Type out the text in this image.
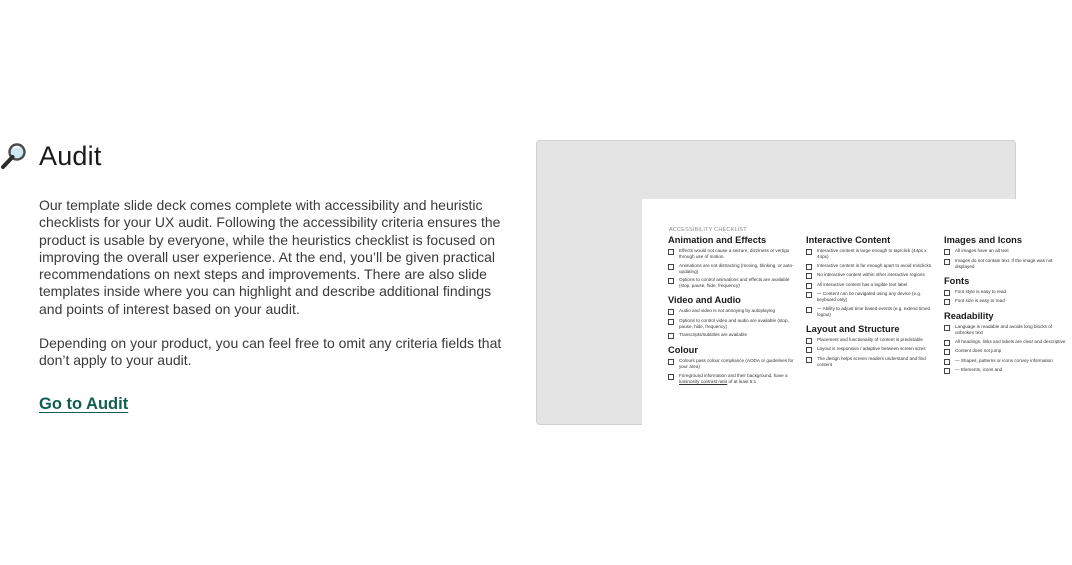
Audit

Our template slide deck comes complete with accessibility and heuristic checklists for your UX audit. Following the accessibility criteria ensures the product is usable by everyone, while the heuristics checklist is focused on improving the overall user experience. At the end, you’ll be given practical recommendations on next steps and improvements. There are also slide templates inside where you can highlight and describe additional findings and points of interest based on your audit.

Depending on your product, you can feel free to omit any criteria fields that don’t apply to your audit.

Go to Audit
ACCESSIBILITY CHECKLIST
Animation and Effects
Effects would not cause a seizure, dizziness or vertigo through use of motion.
Animations are not distracting (moving, blinking, or auto-updating)
Options to control animations and effects are available (stop, pause, hide, frequency)
Video and Audio
Audio and video is not annoying by autoplaying
Options to control video and audio are available (stop, pause, hide, frequency)
Transcripts/subtitles are available
Colour
Colours pass colour compliance (AODA or guidelines for your area)
Foreground information and their background, have a luminosity contrast ratio of at least 5:1
Interactive Content
Interactive content is large enough to tap/click (44px x 44px)
Interactive content is far enough apart to avoid misclicks
No interactive content within other interactive regions
All interactive content has a legible text label
— Content can be navigated using any device (e.g. keyboard only)
— Ability to adjust time based events (e.g. extend timed logout)
Layout and Structure
Placement and functionality of content is predictable
Layout is responsive / adaptive between screen sizes
The design helps screen readers understand and find content
Images and Icons
All images have an alt text
Images do not contain text. If the image was not displayed
Fonts
Font style is easy to read
Font size is easy to read
Readability
Language is readable and avoids long blocks of unbroken text
All headings, links and labels are clear and descriptive
Content does not jump
— Shapes, patterns or icons convey information
— Elements, icons and
